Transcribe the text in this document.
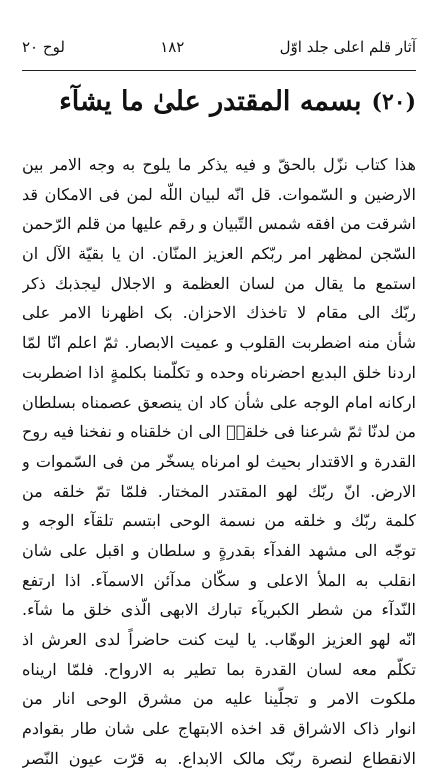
آثار قلم اعلى جلد اوّل
١٨٢
لوح ٢٠
(٢٠)
بسمه المقتدر علىٰ ما يشآء
هذا كتاب نزّل بالحقّ و فيه يذكر ما يلوح به وجه الامر بين
الارضين و السّموات. قل انّه لبيان اللّه لمن فى الامكان قد
اشرقت من افقه شمس التّبيان و رقم عليها من قلم الرّحمن
السّجن لمظهر امر ربّكم العزيز المنّان. ان يا بقيّة الآل ان
استمع ما يقال من لسان العظمة و الاجلال ليجذبك ذكر
ربّك الى مقام لا تاخذك الاحزان. بک اظهرنا الامر على
شأن منه اضطربت القلوب و عميت الابصار. ثمّ اعلم انّا لمّا
اردنا خلق البديع احضرناه وحده و تكلّمنا بكلمةٍ اذا اضطربت
اركانه امام الوجه على شأن كاد ان ينصعق عصمناه بسلطان
من لدنّا ثمّ شرعنا فى خلقهٖ الى ان خلقناه و نفخنا فيه روح
القدرة و الاقتدار بحيث لو امرناه يسخّر من فى السّموات و
الارض. انّ ربّك لهو المقتدر المختار. فلمّا تمّ خلقه من
كلمة ربّك و خلقه من نسمة الوحى ابتسم تلقآء الوجه و
توجّه الى مشهد الفدآء بقدرةٍ و سلطان و اقبل على شان
انقلب به الملأ الاعلى و سكّان مدآئن الاسمآء. اذا ارتفع
النّدآء من شطر الكبريآء تبارك الابهى الّذى خلق ما شآء.
انّه لهو العزيز الوهّاب. يا ليت كنت حاضراً لدى العرش اذ
تكلّم معه لسان القدرة بما تطير به الارواح. فلمّا اريناه
ملكوت الامر و تجلّينا عليه من مشرق الوحى انار من
انوار ذاک الاشراق قد اخذه الابتهاج على شان طار بقوادم
الانقطاع لنصرة ربّک مالک الابداع. به قرّت عيون النّصر
